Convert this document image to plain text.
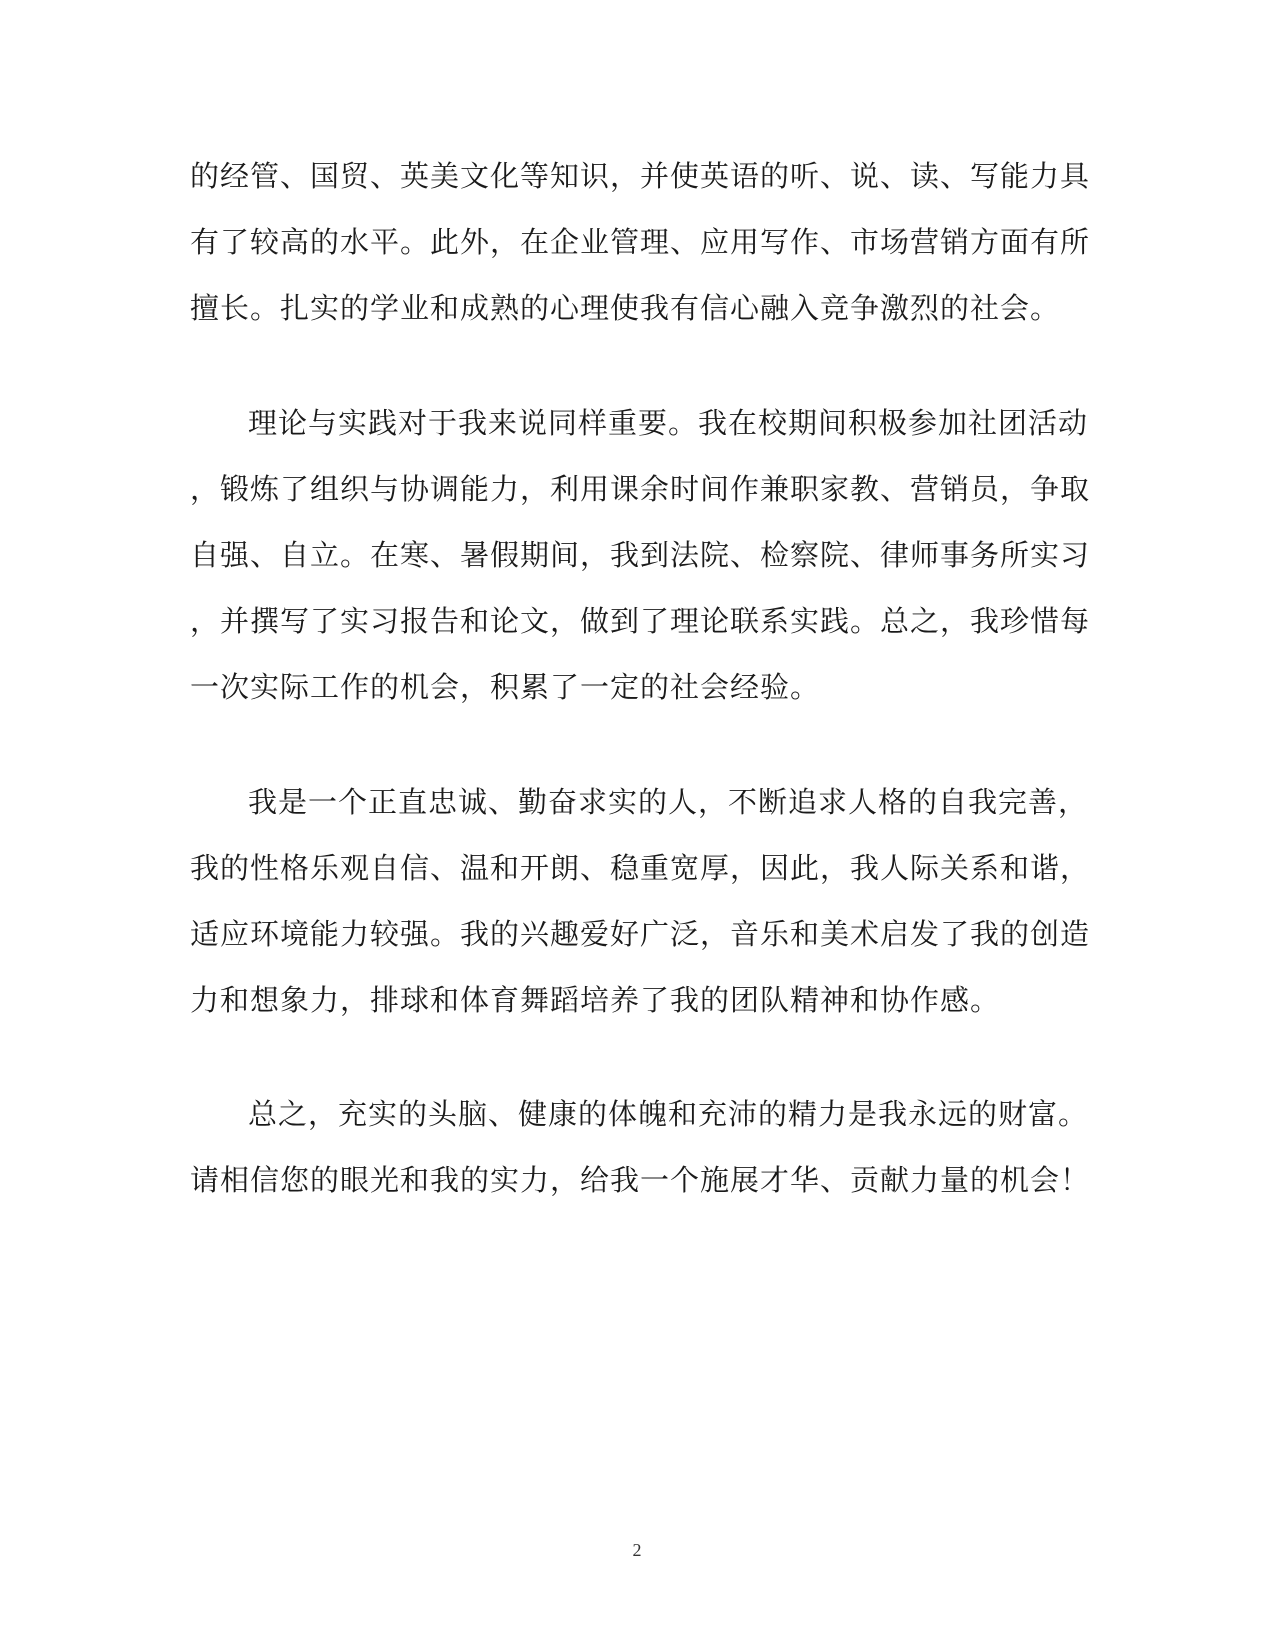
的经管、国贸、英美文化等知识，并使英语的听、说、读、写能力具
有了较高的水平。此外，在企业管理、应用写作、市场营销方面有所
擅长。扎实的学业和成熟的心理使我有信心融入竞争激烈的社会。
理论与实践对于我来说同样重要。我在校期间积极参加社团活动
，锻炼了组织与协调能力，利用课余时间作兼职家教、营销员，争取
自强、自立。在寒、暑假期间，我到法院、检察院、律师事务所实习
，并撰写了实习报告和论文，做到了理论联系实践。总之，我珍惜每
一次实际工作的机会，积累了一定的社会经验。
我是一个正直忠诚、勤奋求实的人，不断追求人格的自我完善，
我的性格乐观自信、温和开朗、稳重宽厚，因此，我人际关系和谐，
适应环境能力较强。我的兴趣爱好广泛，音乐和美术启发了我的创造
力和想象力，排球和体育舞蹈培养了我的团队精神和协作感。
总之，充实的头脑、健康的体魄和充沛的精力是我永远的财富。
请相信您的眼光和我的实力，给我一个施展才华、贡献力量的机会！
2
